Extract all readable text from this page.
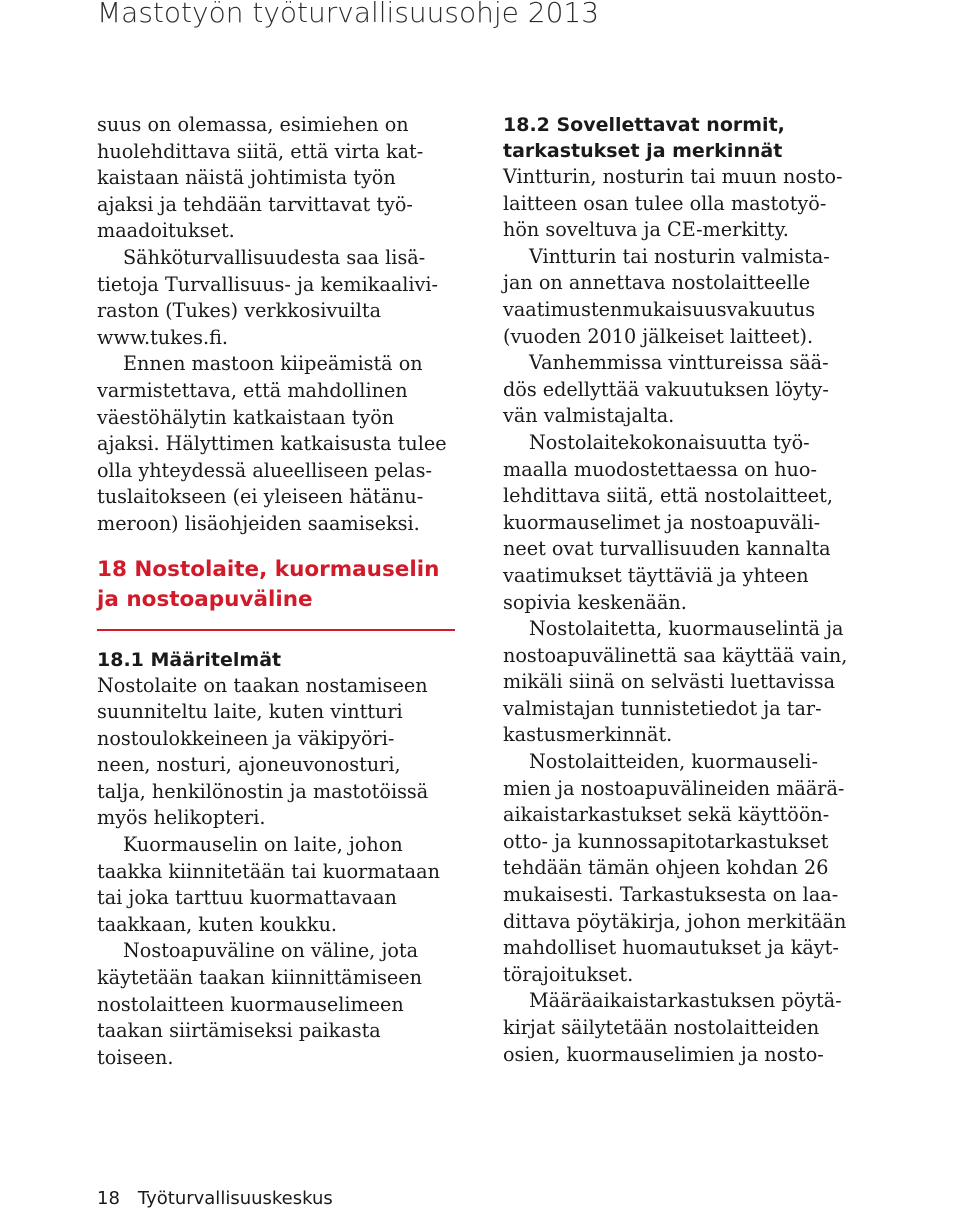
Mastotyön työturvallisuusohje 2013
suus on olemassa, esimiehen on
huolehdittava siitä, että virta kat-
kaistaan näistä johtimista työn
ajaksi ja tehdään tarvittavat työ-
maadoitukset.
Sähköturvallisuudesta saa lisä-
tietoja Turvallisuus- ja kemikaalivi-
raston (Tukes) verkkosivuilta
www.tukes.fi.
Ennen mastoon kiipeämistä on
varmistettava, että mahdollinen
väestöhälytin katkaistaan työn
ajaksi. Hälyttimen katkaisusta tulee
olla yhteydessä alueelliseen pelas-
tuslaitokseen (ei yleiseen hätänu-
meroon) lisäohjeiden saamiseksi.
18 Nostolaite, kuormauselin
ja nostoapuväline
18.1 Määritelmät
Nostolaite on taakan nostamiseen
suunniteltu laite, kuten vintturi
nostoulokkeineen ja väkipyöri-
neen, nosturi, ajoneuvonosturi,
talja, henkilönostin ja mastotöissä
myös helikopteri.
Kuormauselin on laite, johon
taakka kiinnitetään tai kuormataan
tai joka tarttuu kuormattavaan
taakkaan, kuten koukku.
Nostoapuväline on väline, jota
käytetään taakan kiinnittämiseen
nostolaitteen kuormauselimeen
taakan siirtämiseksi paikasta
toiseen.
18.2 Sovellettavat normit,
tarkastukset ja merkinnät
Vintturin, nosturin tai muun nosto-
laitteen osan tulee olla mastotyö-
hön soveltuva ja CE-merkitty.
Vintturin tai nosturin valmista-
jan on annettava nostolaitteelle
vaatimustenmukaisuusvakuutus
(vuoden 2010 jälkeiset laitteet).
Vanhemmissa vinttureissa sää-
dös edellyttää vakuutuksen löyty-
vän valmistajalta.
Nostolaitekokonaisuutta työ-
maalla muodostettaessa on huo-
lehdittava siitä, että nostolaitteet,
kuormauselimet ja nostoapuväli-
neet ovat turvallisuuden kannalta
vaatimukset täyttäviä ja yhteen
sopivia keskenään.
Nostolaitetta, kuormauselintä ja
nostoapuvälinettä saa käyttää vain,
mikäli siinä on selvästi luettavissa
valmistajan tunnistetiedot ja tar-
kastusmerkinnät.
Nostolaitteiden, kuormauseli-
mien ja nostoapuvälineiden määrä-
aikaistarkastukset sekä käyttöön-
otto- ja kunnossapitotarkastukset
tehdään tämän ohjeen kohdan 26
mukaisesti. Tarkastuksesta on laa-
dittava pöytäkirja, johon merkitään
mahdolliset huomautukset ja käyt-
törajoitukset.
Määräaikaistarkastuksen pöytä-
kirjat säilytetään nostolaitteiden
osien, kuormauselimien ja nosto-
18 Työturvallisuuskeskus
